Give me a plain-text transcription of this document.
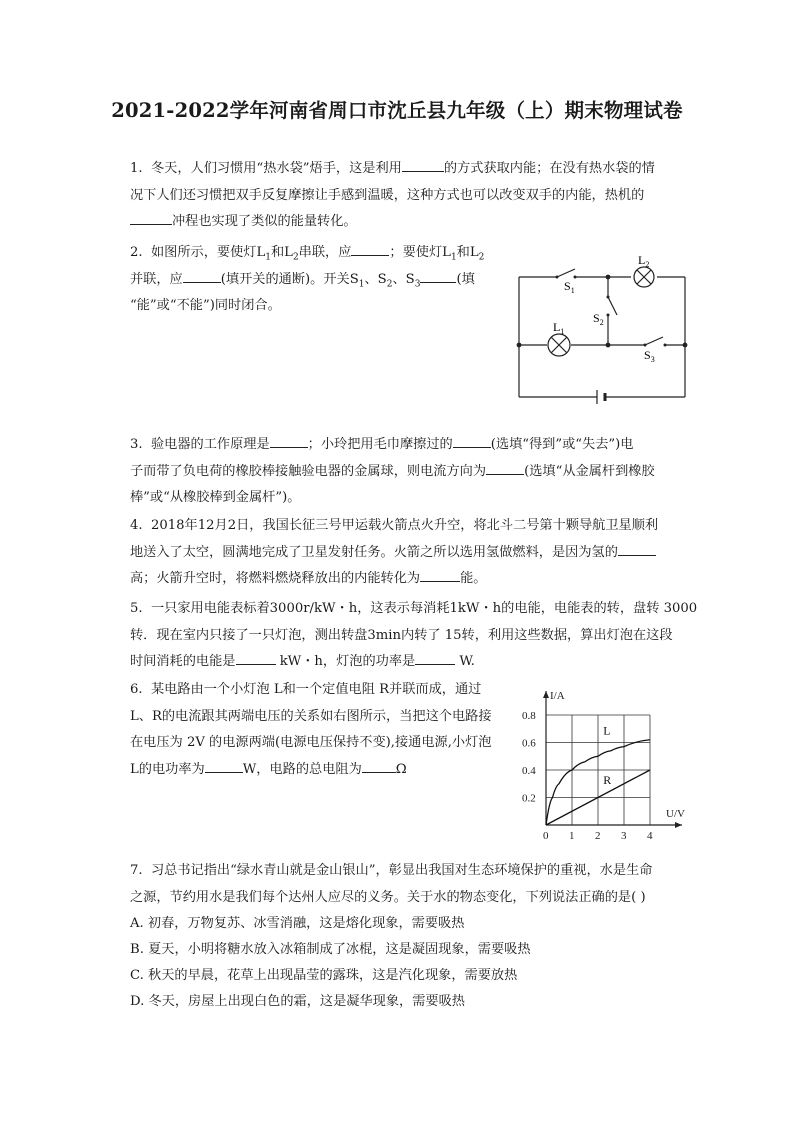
2021-2022学年河南省周口市沈丘县九年级（上）期末物理试卷
1. 冬天，人们习惯用“热水袋”焐手，这是利用	的方式获取内能；在没有热水袋的情
况下人们还习惯把双手反复摩擦让手感到温暖，这种方式也可以改变双手的内能，热机的
冲程也实现了类似的能量转化。
2. 如图所示，要使灯$L_1$和$L_2$串联，应	；要使灯$L_1$和$L_2$
并联，应	(填开关的通断)。开关$S_1$、$S_2$、$S_3$	(填
“能”或“不能”)同时闭合。
$L_2$
$L_1$
$S_1$
$S_2$
$S_3$
3. 验电器的工作原理是	；小玲把用毛巾摩擦过的	(选填“得到”或“失去”)电
子而带了负电荷的橡胶棒接触验电器的金属球，则电流方向为	(选填“从金属杆到橡胶
棒”或“从橡胶棒到金属杆”)。
4. 2018年12月2日，我国长征三号甲运载火箭点火升空，将北斗二号第十颗导航卫星顺利
地送入了太空，圆满地完成了卫星发射任务。火箭之所以选用氢做燃料，是因为氢的
高；火箭升空时，将燃料燃烧释放出的内能转化为	能。
5. 一只家用电能表标着3000r/kW・h，这表示每消耗1kW・h的电能，电能表的转，盘转 3000
转．现在室内只接了一只灯泡，测出转盘3min内转了 15转，利用这些数据，算出灯泡在这段
时间消耗的电能是	kW・h，灯泡的功率是	W.
6. 某电路由一个小灯泡 L和一个定值电阻 R并联而成，通过
L、R的电流跟其两端电压的关系如右图所示，当把这个电路接
在电压为 2V 的电源两端(电源电压保持不变),接通电源,小灯泡
L的电功率为	W，电路的总电阻为	Ω
0 1 2 3 4
0.2
0.4
0.6
0.8
U/V
I/A
L
R
7. 习总书记指出“绿水青山就是金山银山”，彰显出我国对生态环境保护的重视，水是生命
之源，节约用水是我们每个达州人应尽的义务。关于水的物态变化，下列说法正确的是( )
A. 初春，万物复苏、冰雪消融，这是熔化现象，需要吸热
B. 夏天，小明将糖水放入冰箱制成了冰棍，这是凝固现象，需要吸热
C. 秋天的早晨，花草上出现晶莹的露珠，这是汽化现象，需要放热
D. 冬天，房屋上出现白色的霜，这是凝华现象，需要吸热
